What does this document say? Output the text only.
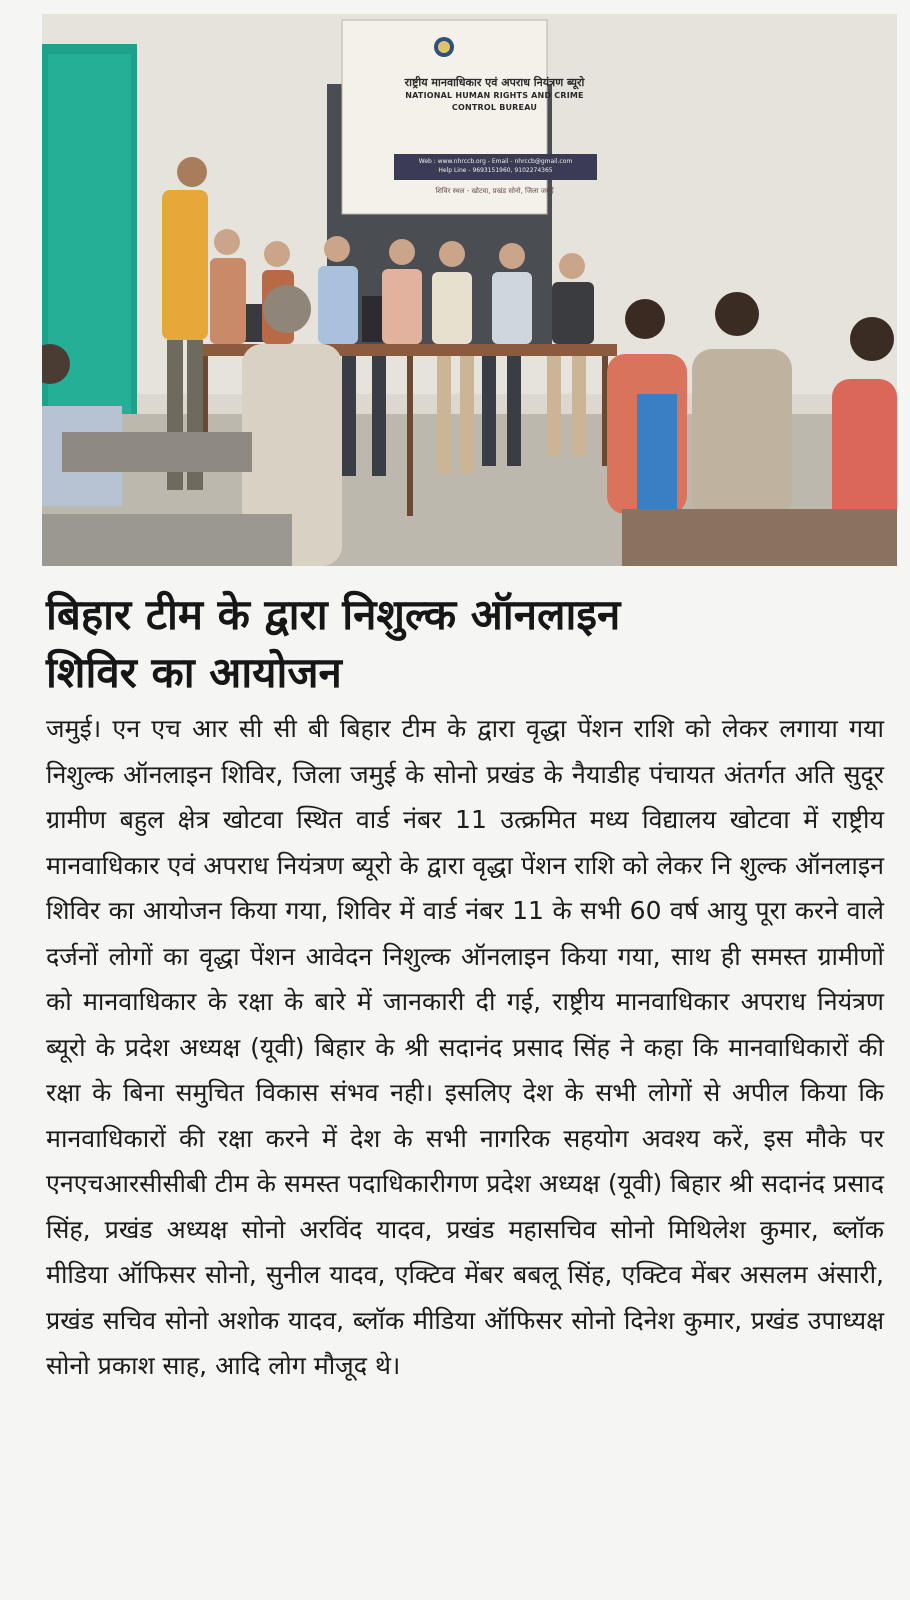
राष्ट्रीय मानवाधिकार एवं अपराध नियंत्रण ब्यूरो
NATIONAL HUMAN RIGHTS AND CRIME CONTROL BUREAU
Web : www.nhrccb.org - Email - nhrccb@gmail.com
Help Line - 9693151960, 9102274365
शिविर स्थल - खोटवा, प्रखंड सोनो, जिला जमुई
बिहार टीम के द्वारा निशुल्क ऑनलाइन
शिविर का आयोजन

जमुई। एन एच आर सी सी बी बिहार टीम के द्वारा वृद्धा पेंशन राशि को लेकर लगाया गया निशुल्क ऑनलाइन शिविर, जिला जमुई के सोनो प्रखंड के नैयाडीह पंचायत अंतर्गत अति सुदूर ग्रामीण बहुल क्षेत्र खोटवा स्थित वार्ड नंबर 11 उत्क्रमित मध्य विद्यालय खोटवा में राष्ट्रीय मानवाधिकार एवं अपराध नियंत्रण ब्यूरो के द्वारा वृद्धा पेंशन राशि को लेकर नि शुल्क ऑनलाइन शिविर का आयोजन किया गया, शिविर में वार्ड नंबर 11 के सभी 60 वर्ष आयु पूरा करने वाले दर्जनों लोगों का वृद्धा पेंशन आवेदन निशुल्क ऑनलाइन किया गया, साथ ही समस्त ग्रामीणों को मानवाधिकार के रक्षा के बारे में जानकारी दी गई, राष्ट्रीय मानवाधिकार अपराध नियंत्रण ब्यूरो के प्रदेश अध्यक्ष (यूवी) बिहार के श्री सदानंद प्रसाद सिंह ने कहा कि मानवाधिकारों की रक्षा के बिना समुचित विकास संभव नही। इसलिए देश के सभी लोगों से अपील किया कि मानवाधिकारों की रक्षा करने में देश के सभी नागरिक सहयोग अवश्य करें, इस मौके पर एनएचआरसीसीबी टीम के समस्त पदाधिकारीगण प्रदेश अध्यक्ष (यूवी) बिहार श्री सदानंद प्रसाद सिंह, प्रखंड अध्यक्ष सोनो अरविंद यादव, प्रखंड महासचिव सोनो मिथिलेश कुमार, ब्लॉक मीडिया ऑफिसर सोनो, सुनील यादव, एक्टिव मेंबर बबलू सिंह, एक्टिव मेंबर असलम अंसारी, प्रखंड सचिव सोनो अशोक यादव, ब्लॉक मीडिया ऑफिसर सोनो दिनेश कुमार, प्रखंड उपाध्यक्ष सोनो प्रकाश साह, आदि लोग मौजूद थे।
